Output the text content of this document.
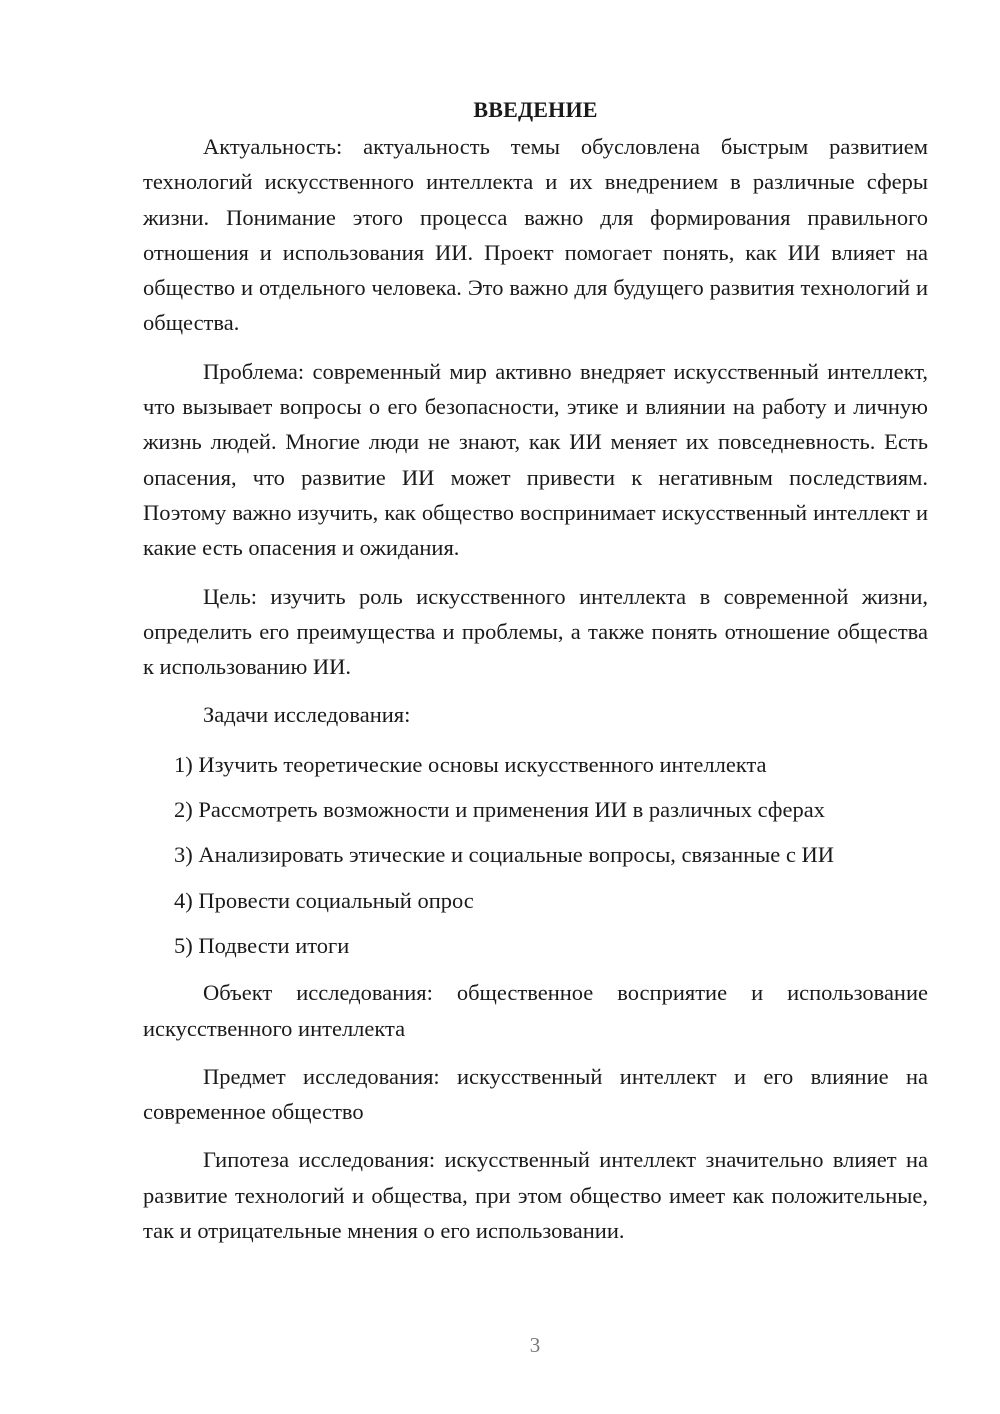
ВВЕДЕНИЕ

Актуальность: актуальность темы обусловлена быстрым развитием технологий искусственного интеллекта и их внедрением в различные сферы жизни. Понимание этого процесса важно для формирования правильного отношения и использования ИИ. Проект помогает понять, как ИИ влияет на общество и отдельного человека. Это важно для будущего развития технологий и общества.

Проблема: современный мир активно внедряет искусственный интеллект, что вызывает вопросы о его безопасности, этике и влиянии на работу и личную жизнь людей. Многие люди не знают, как ИИ меняет их повседневность. Есть опасения, что развитие ИИ может привести к негативным последствиям. Поэтому важно изучить, как общество воспринимает искусственный интеллект и какие есть опасения и ожидания.

Цель: изучить роль искусственного интеллекта в современной жизни, определить его преимущества и проблемы, а также понять отношение общества к использованию ИИ.

Задачи исследования:

1) Изучить теоретические основы искусственного интеллекта
2) Рассмотреть возможности и применения ИИ в различных сферах
3) Анализировать этические и социальные вопросы, связанные с ИИ
4) Провести социальный опрос
5) Подвести итоги

Объект исследования: общественное восприятие и использование искусственного интеллекта

Предмет исследования: искусственный интеллект и его влияние на современное общество

Гипотеза исследования: искусственный интеллект значительно влияет на развитие технологий и общества, при этом общество имеет как положительные, так и отрицательные мнения о его использовании.

3
